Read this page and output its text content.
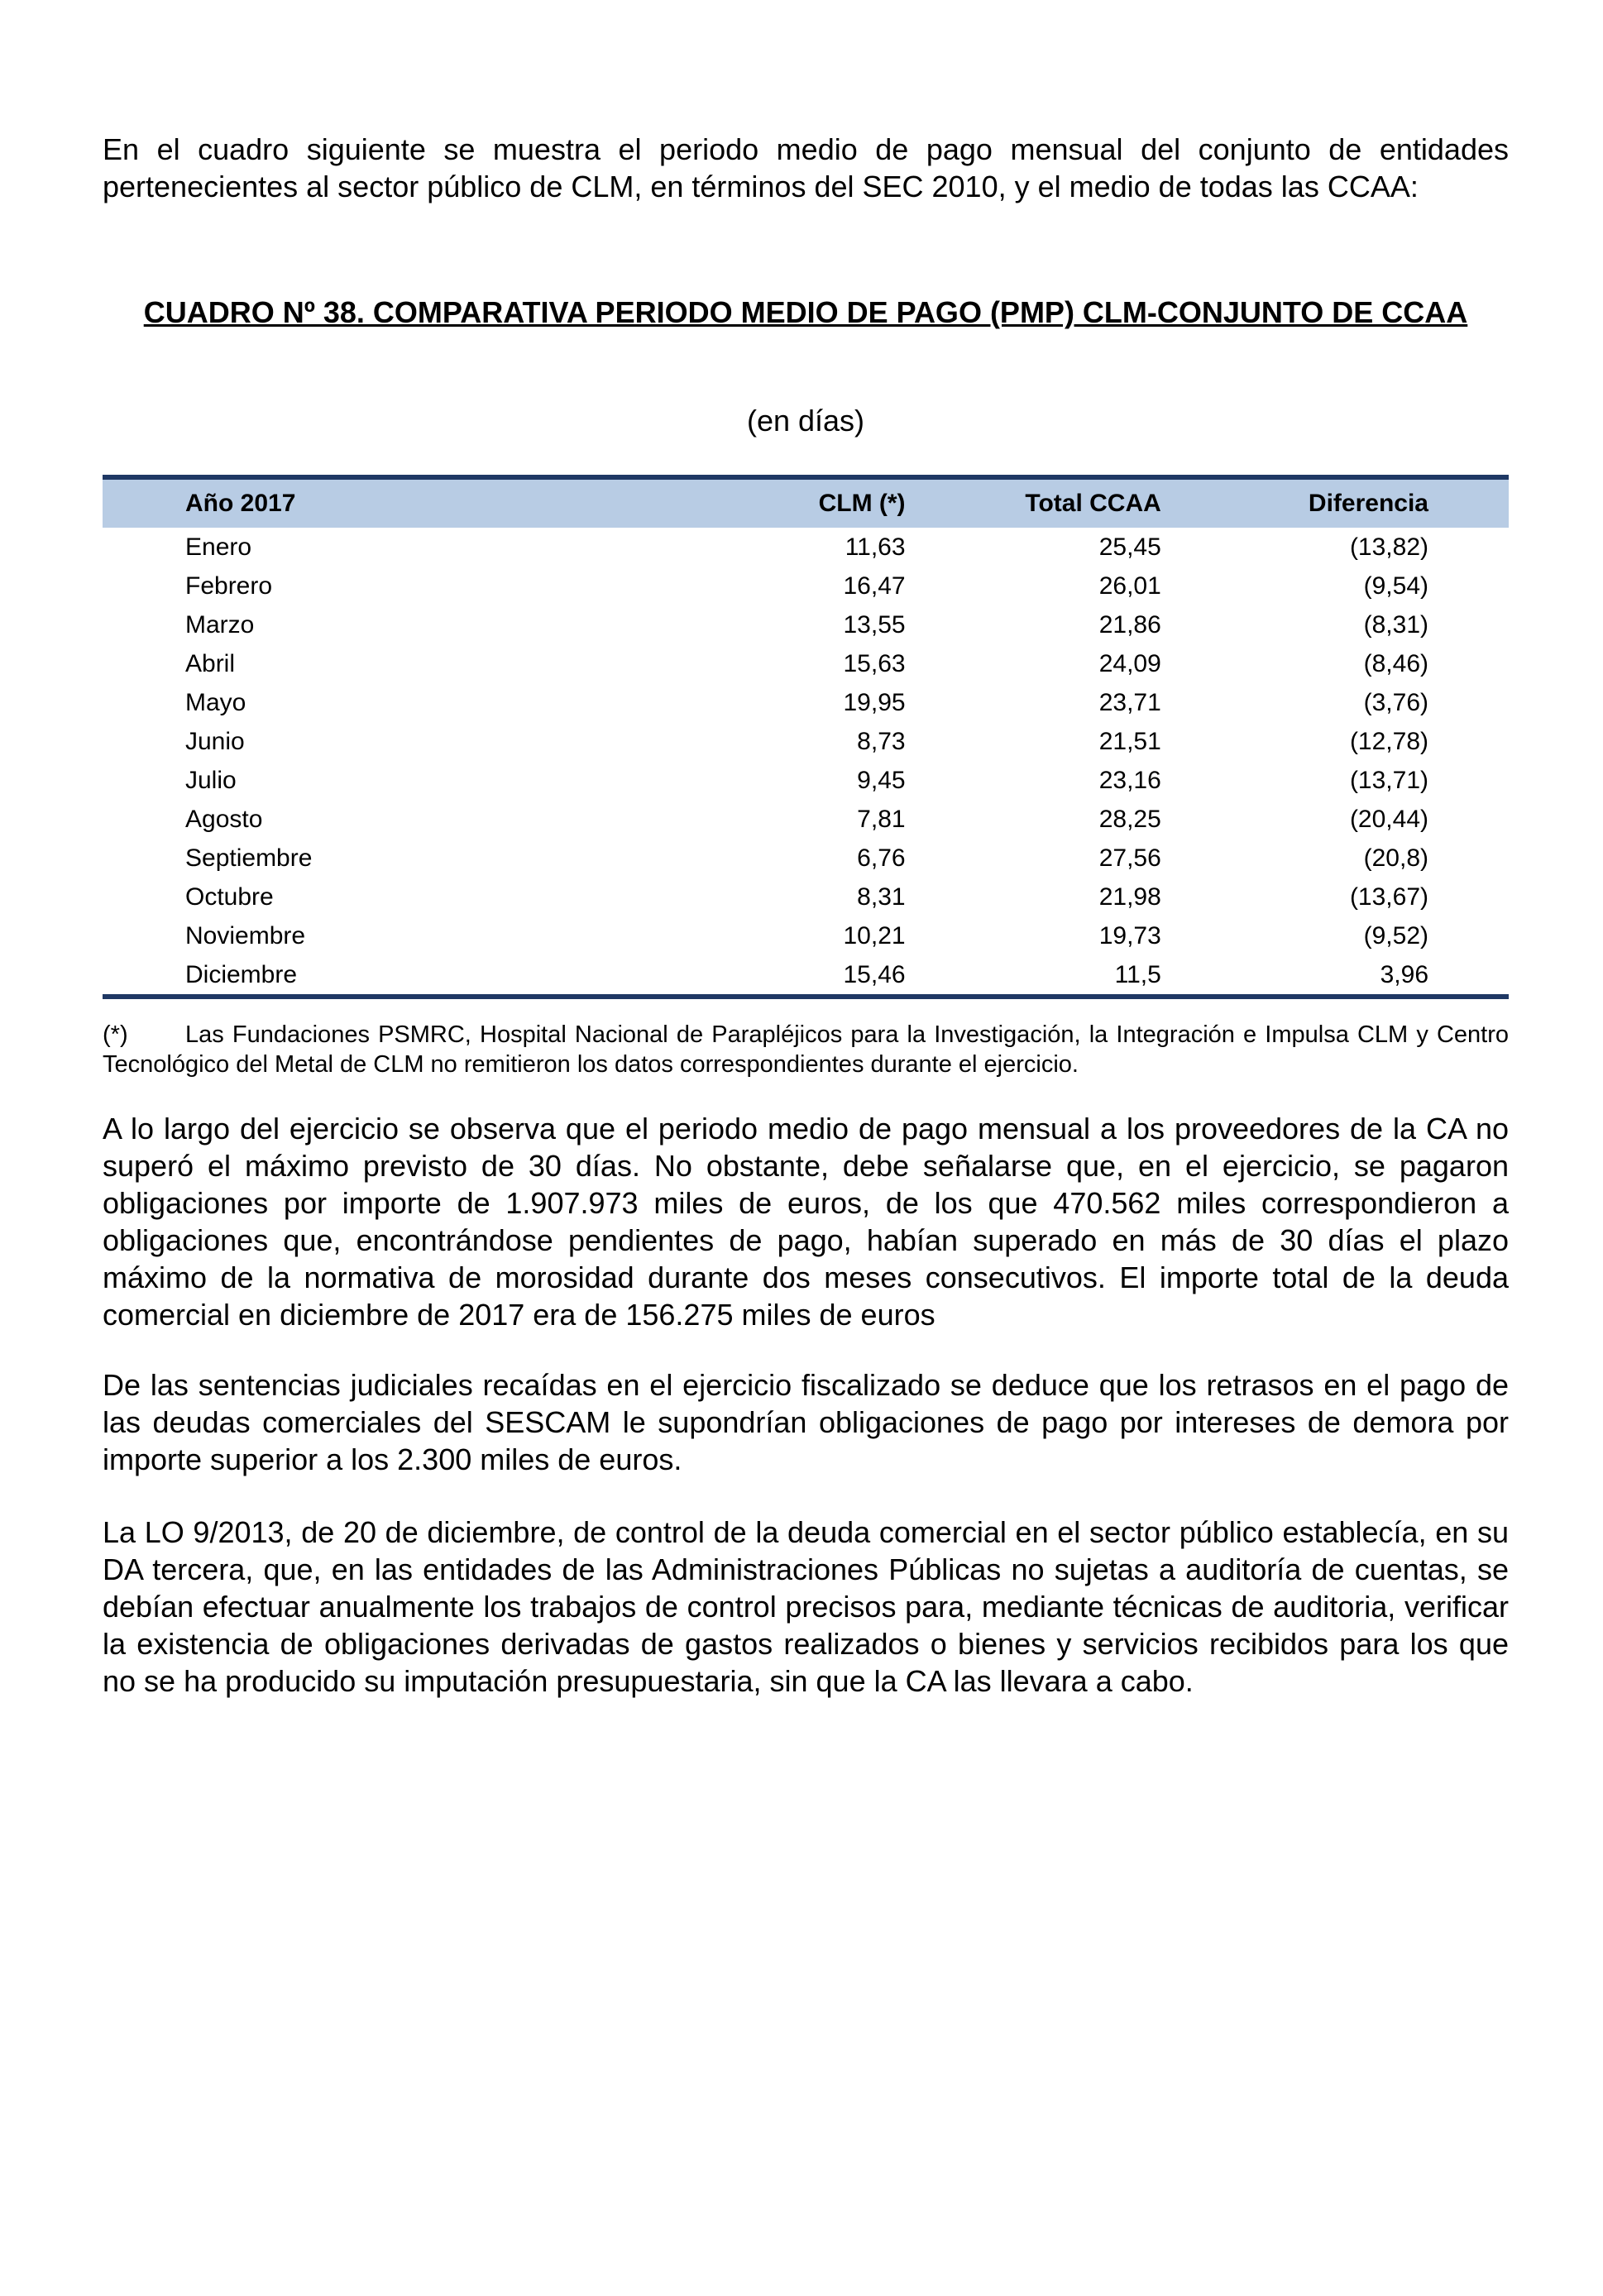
En el cuadro siguiente se muestra el periodo medio de pago mensual del conjunto de entidades pertenecientes al sector público de CLM, en términos del SEC 2010, y el medio de todas las CCAA:

CUADRO Nº 38. COMPARATIVA PERIODO MEDIO DE PAGO (PMP) CLM-CONJUNTO DE CCAA

(en días)

Año 2017	CLM (*)	Total CCAA	Diferencia
Enero	11,63	25,45	(13,82)
Febrero	16,47	26,01	(9,54)
Marzo	13,55	21,86	(8,31)
Abril	15,63	24,09	(8,46)
Mayo	19,95	23,71	(3,76)
Junio	8,73	21,51	(12,78)
Julio	9,45	23,16	(13,71)
Agosto	7,81	28,25	(20,44)
Septiembre	6,76	27,56	(20,8)
Octubre	8,31	21,98	(13,67)
Noviembre	10,21	19,73	(9,52)
Diciembre	15,46	11,5	3,96

(*) Las Fundaciones PSMRC, Hospital Nacional de Parapléjicos para la Investigación, la Integración e Impulsa CLM y Centro Tecnológico del Metal de CLM no remitieron los datos correspondientes durante el ejercicio.

A lo largo del ejercicio se observa que el periodo medio de pago mensual a los proveedores de la CA no superó el máximo previsto de 30 días. No obstante, debe señalarse que, en el ejercicio, se pagaron obligaciones por importe de 1.907.973 miles de euros, de los que 470.562 miles correspondieron a obligaciones que, encontrándose pendientes de pago, habían superado en más de 30 días el plazo máximo de la normativa de morosidad durante dos meses consecutivos. El importe total de la deuda comercial en diciembre de 2017 era de 156.275 miles de euros

De las sentencias judiciales recaídas en el ejercicio fiscalizado se deduce que los retrasos en el pago de las deudas comerciales del SESCAM le supondrían obligaciones de pago por intereses de demora por importe superior a los 2.300 miles de euros.

La LO 9/2013, de 20 de diciembre, de control de la deuda comercial en el sector público establecía, en su DA tercera, que, en las entidades de las Administraciones Públicas no sujetas a auditoría de cuentas, se debían efectuar anualmente los trabajos de control precisos para, mediante técnicas de auditoria, verificar la existencia de obligaciones derivadas de gastos realizados o bienes y servicios recibidos para los que no se ha producido su imputación presupuestaria, sin que la CA las llevara a cabo.
